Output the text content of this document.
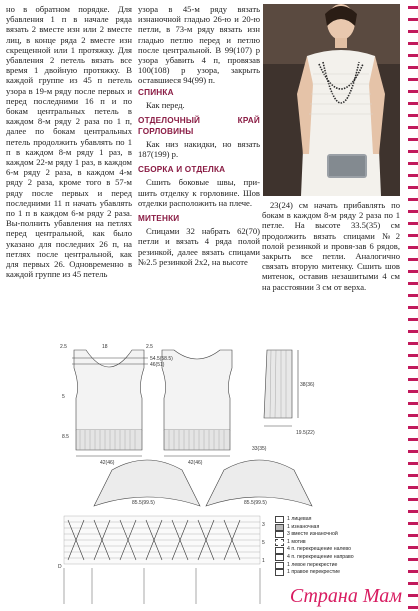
но в обратном порядке. Для убавления 1 п в начале ряда вязать 2 вместе изн или 2 вместе лиц, в конце ряда 2 вместе изн скрещенной или 1 протяжку. Для убавления 2 петель вязать все время 1 двойную протяжку. В каждой группе из 45 п петель узора в 19-м ряду после первых и перед последними 16 п и по бокам центральных петель в каждом 8-м ряду 2 раза по 1 п, далее по бокам центральных петель продолжить убавлять по 1 п в каждом 8-м ряду 1 раз, в каждом 22-м ряду 1 раз, в каждом 6-м ряду 2 раза, в каждом 4-м ряду 2 раза, кроме того в 57-м ряду после первых и перед последними 11 п начать убавлять по 1 п в каждом 6-м ряду 2 раза. Вы-полнить убавления на петлях перед центральной, как было указано для последних 26 п, на петлях после центральной, как для первых 26. Одновременно в каждой группе из 45 петель

узора в 45-м ряду вязать изнаночной гладью 26-ю и 20-ю петли, в 73-м ряду вязать изн гладью петлю перед и петлю после центральной. В 99(107) р узора убавить 4 п, провязав 100(108) р узора, закрыть оставшиеся 94(99) п.

СПИНКА

Как перед.

ОТДЕЛОЧНЫЙ КРАЙ ГОРЛОВИНЫ

Как низ накидки, но вязать 187(199) р.

СБОРКА И ОТДЕЛКА

Сшить боковые швы, при-шить отделку к горловине. Шов отделки расположить на плече.

МИТЕНКИ

Спицами 32 набрать 62(70) петли и вязать 4 ряда полой резинкой, далее вязать спицами №2.5 резинкой 2х2, на высоте

23(24) см начать прибавлять по бокам в каждом 8-м ряду 2 раза по 1 петле. На высоте 33.5(35) см продолжить вязать спицами №2 полой резинкой и провя-зав 6 рядов, закрыть все петли. Аналогично связать вторую митенку. Сшить шов митенок, оставив незашитыми 4 см на расстоянии 3 см от верха.

2.5	18	2.5
54.5(58.5)
46(51)
5
8.5
42(46)	42(46)
38(36)
19.5(22)
33(35)
85.5(99.5)	85.5(99.5)
D
3
5
1
1 лицевая
1 изнаночная
3 вместе изнаночной
1 мотив
4 п. перекрещение налево
4 п. перекрещение направо
1 левое перекрестие
1 правое перекрестие
Страна Мам
